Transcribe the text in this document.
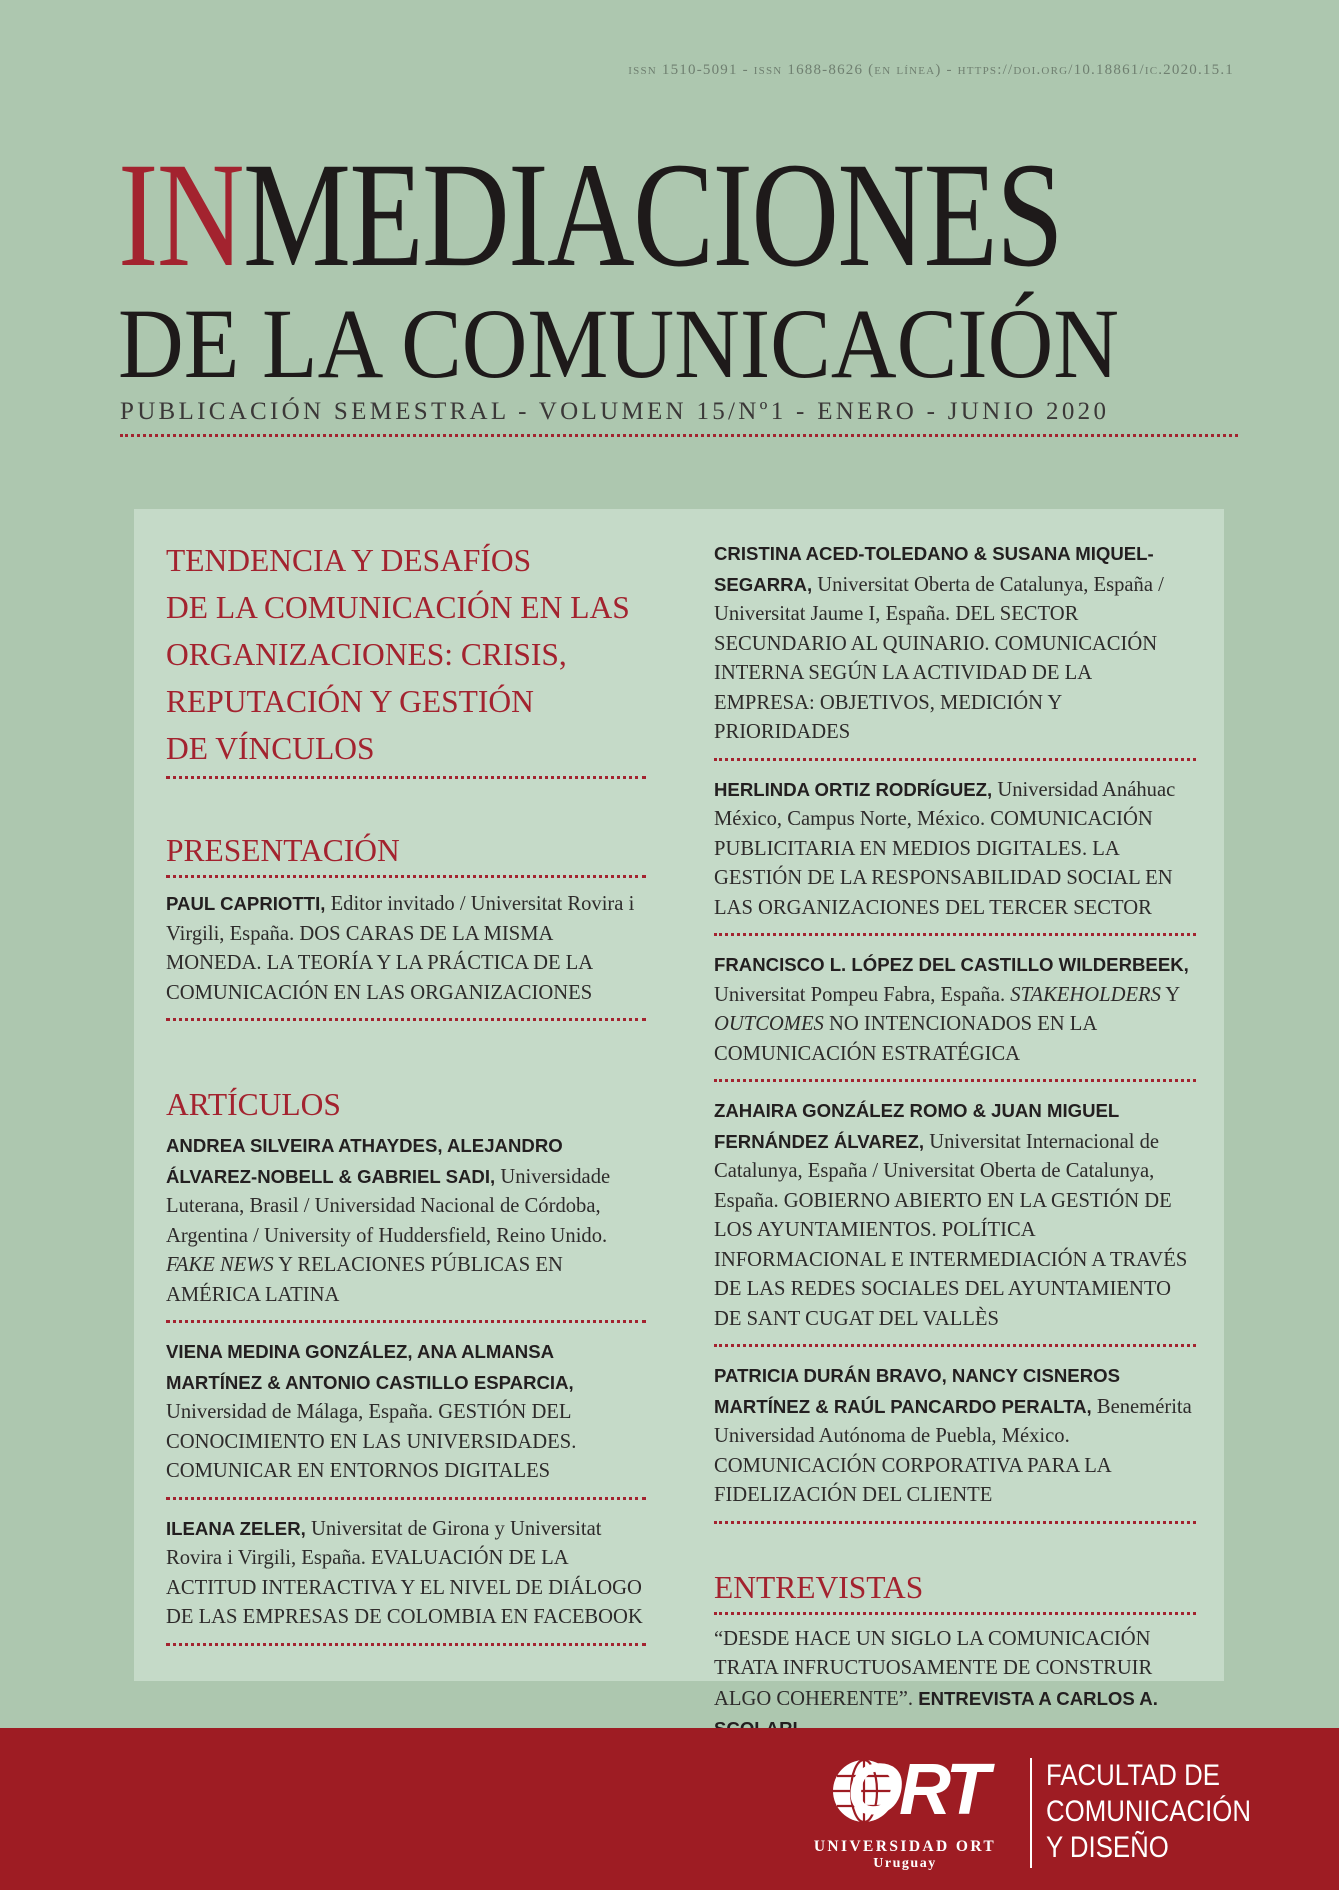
issn 1510-5091 - issn 1688-8626 (en línea) - https://doi.org/10.18861/ic.2020.15.1
INMEDIACIONES
DE LA COMUNICACIÓN
PUBLICACIÓN SEMESTRAL - VOLUMEN 15/Nº1 - ENERO - JUNIO 2020

TENDENCIA Y DESAFÍOS
DE LA COMUNICACIÓN EN LAS
ORGANIZACIONES: CRISIS,
REPUTACIÓN Y GESTIÓN
DE VÍNCULOS

PRESENTACIÓN

PAUL CAPRIOTTI, Editor invitado / Universitat Rovira i Virgili, España. DOS CARAS DE LA MISMA MONEDA. LA TEORÍA Y LA PRÁCTICA DE LA COMUNICACIÓN EN LAS ORGANIZACIONES

ARTÍCULOS

ANDREA SILVEIRA ATHAYDES, ALEJANDRO ÁLVAREZ-NOBELL & GABRIEL SADI, Universidade Luterana, Brasil / Universidad Nacional de Córdoba, Argentina / University of Huddersfield, Reino Unido. FAKE NEWS Y RELACIONES PÚBLICAS EN AMÉRICA LATINA

VIENA MEDINA GONZÁLEZ, ANA ALMANSA MARTÍNEZ & ANTONIO CASTILLO ESPARCIA, Universidad de Málaga, España. GESTIÓN DEL CONOCIMIENTO EN LAS UNIVERSIDADES. COMUNICAR EN ENTORNOS DIGITALES

ILEANA ZELER, Universitat de Girona y Universitat Rovira i Virgili, España. EVALUACIÓN DE LA ACTITUD INTERACTIVA Y EL NIVEL DE DIÁLOGO DE LAS EMPRESAS DE COLOMBIA EN FACEBOOK

CRISTINA ACED-TOLEDANO & SUSANA MIQUEL-SEGARRA, Universitat Oberta de Catalunya, España / Universitat Jaume I, España. DEL SECTOR SECUNDARIO AL QUINARIO. COMUNICACIÓN INTERNA SEGÚN LA ACTIVIDAD DE LA EMPRESA: OBJETIVOS, MEDICIÓN Y PRIORIDADES

HERLINDA ORTIZ RODRÍGUEZ, Universidad Anáhuac México, Campus Norte, México. COMUNICACIÓN PUBLICITARIA EN MEDIOS DIGITALES. LA GESTIÓN DE LA RESPONSABILIDAD SOCIAL EN LAS ORGANIZACIONES DEL TERCER SECTOR

FRANCISCO L. LÓPEZ DEL CASTILLO WILDERBEEK, Universitat Pompeu Fabra, España. STAKEHOLDERS Y OUTCOMES NO INTENCIONADOS EN LA COMUNICACIÓN ESTRATÉGICA

ZAHAIRA GONZÁLEZ ROMO & JUAN MIGUEL FERNÁNDEZ ÁLVAREZ, Universitat Internacional de Catalunya, España / Universitat Oberta de Catalunya, España. GOBIERNO ABIERTO EN LA GESTIÓN DE LOS AYUNTAMIENTOS. POLÍTICA INFORMACIONAL E INTERMEDIACIÓN A TRAVÉS DE LAS REDES SOCIALES DEL AYUNTAMIENTO DE SANT CUGAT DEL VALLÈS

PATRICIA DURÁN BRAVO, NANCY CISNEROS MARTÍNEZ & RAÚL PANCARDO PERALTA, Benemérita Universidad Autónoma de Puebla, México. COMUNICACIÓN CORPORATIVA PARA LA FIDELIZACIÓN DEL CLIENTE

ENTREVISTAS

“DESDE HACE UN SIGLO LA COMUNICACIÓN TRATA INFRUCTUOSAMENTE DE CONSTRUIR ALGO COHERENTE”. ENTREVISTA A CARLOS A.

ORT
UNIVERSIDAD ORT
Uruguay
FACULTAD DE
COMUNICACIÓN
Y DISEÑO
